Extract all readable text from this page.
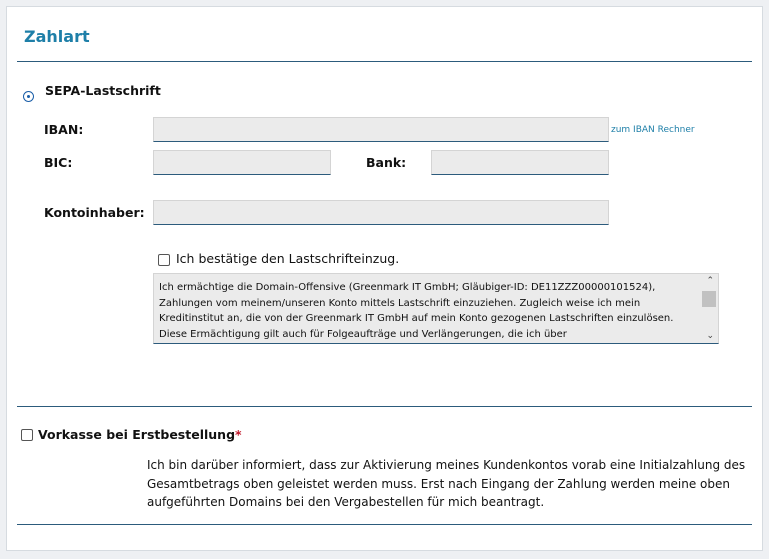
Zahlart
SEPA-Lastschrift
IBAN:	zum IBAN Rechner
BIC:	Bank:
Kontoinhaber:
Ich bestätige den Lastschrifteinzug.
Ich ermächtige die Domain-Offensive (Greenmark IT GmbH; Gläubiger-ID: DE11ZZZ00000101524), Zahlungen vom meinem/unseren Konto mittels Lastschrift einzuziehen. Zugleich weise ich mein Kreditinstitut an, die von der Greenmark IT GmbH auf mein Konto gezogenen Lastschriften einzulösen. Diese Ermächtigung gilt auch für Folgeaufträge und Verlängerungen, die ich über
⌃
⌄
Vorkasse bei Erstbestellung*
Ich bin darüber informiert, dass zur Aktivierung meines Kundenkontos vorab eine Initialzahlung des Gesamtbetrags oben geleistet werden muss. Erst nach Eingang der Zahlung werden meine oben aufgeführten Domains bei den Vergabestellen für mich beantragt.
